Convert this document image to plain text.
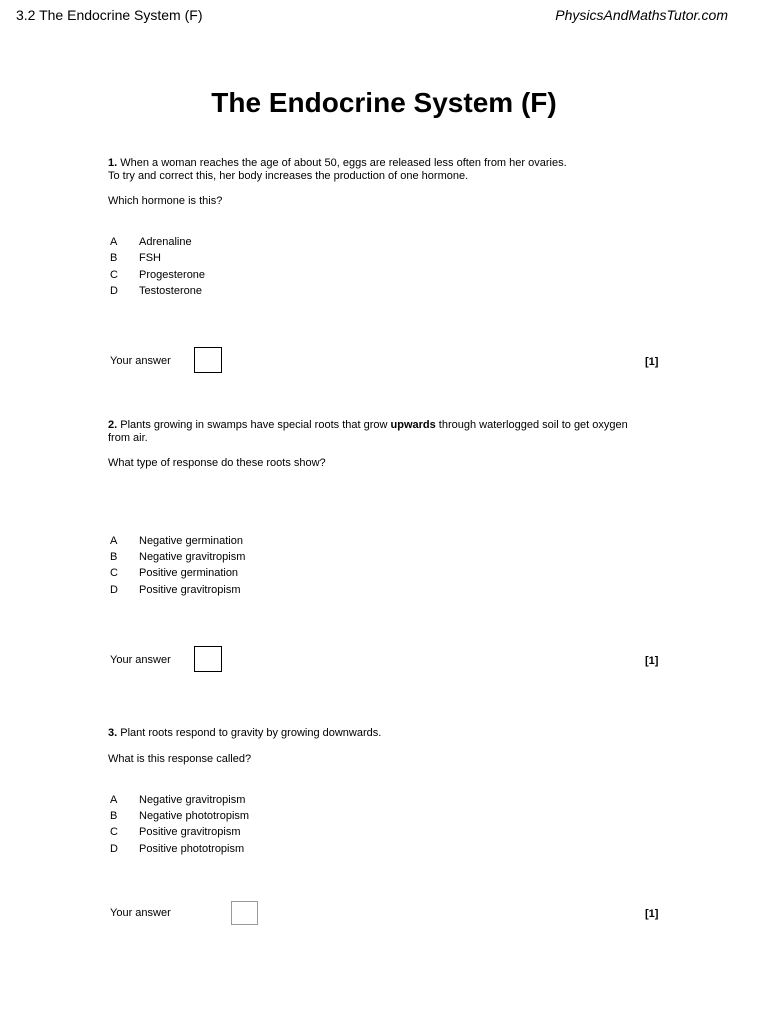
3.2 The Endocrine System (F)	PhysicsAndMathsTutor.com
The Endocrine System (F)
1. When a woman reaches the age of about 50, eggs are released less often from her ovaries.
To try and correct this, her body increases the production of one hormone.
Which hormone is this?
A	Adrenaline
B	FSH
C	Progesterone
D	Testosterone
Your answer	[1]
2. Plants growing in swamps have special roots that grow upwards through waterlogged soil to get oxygen
from air.
What type of response do these roots show?
A	Negative germination
B	Negative gravitropism
C	Positive germination
D	Positive gravitropism
Your answer	[1]
3. Plant roots respond to gravity by growing downwards.
What is this response called?
A	Negative gravitropism
B	Negative phototropism
C	Positive gravitropism
D	Positive phototropism
Your answer	[1]
